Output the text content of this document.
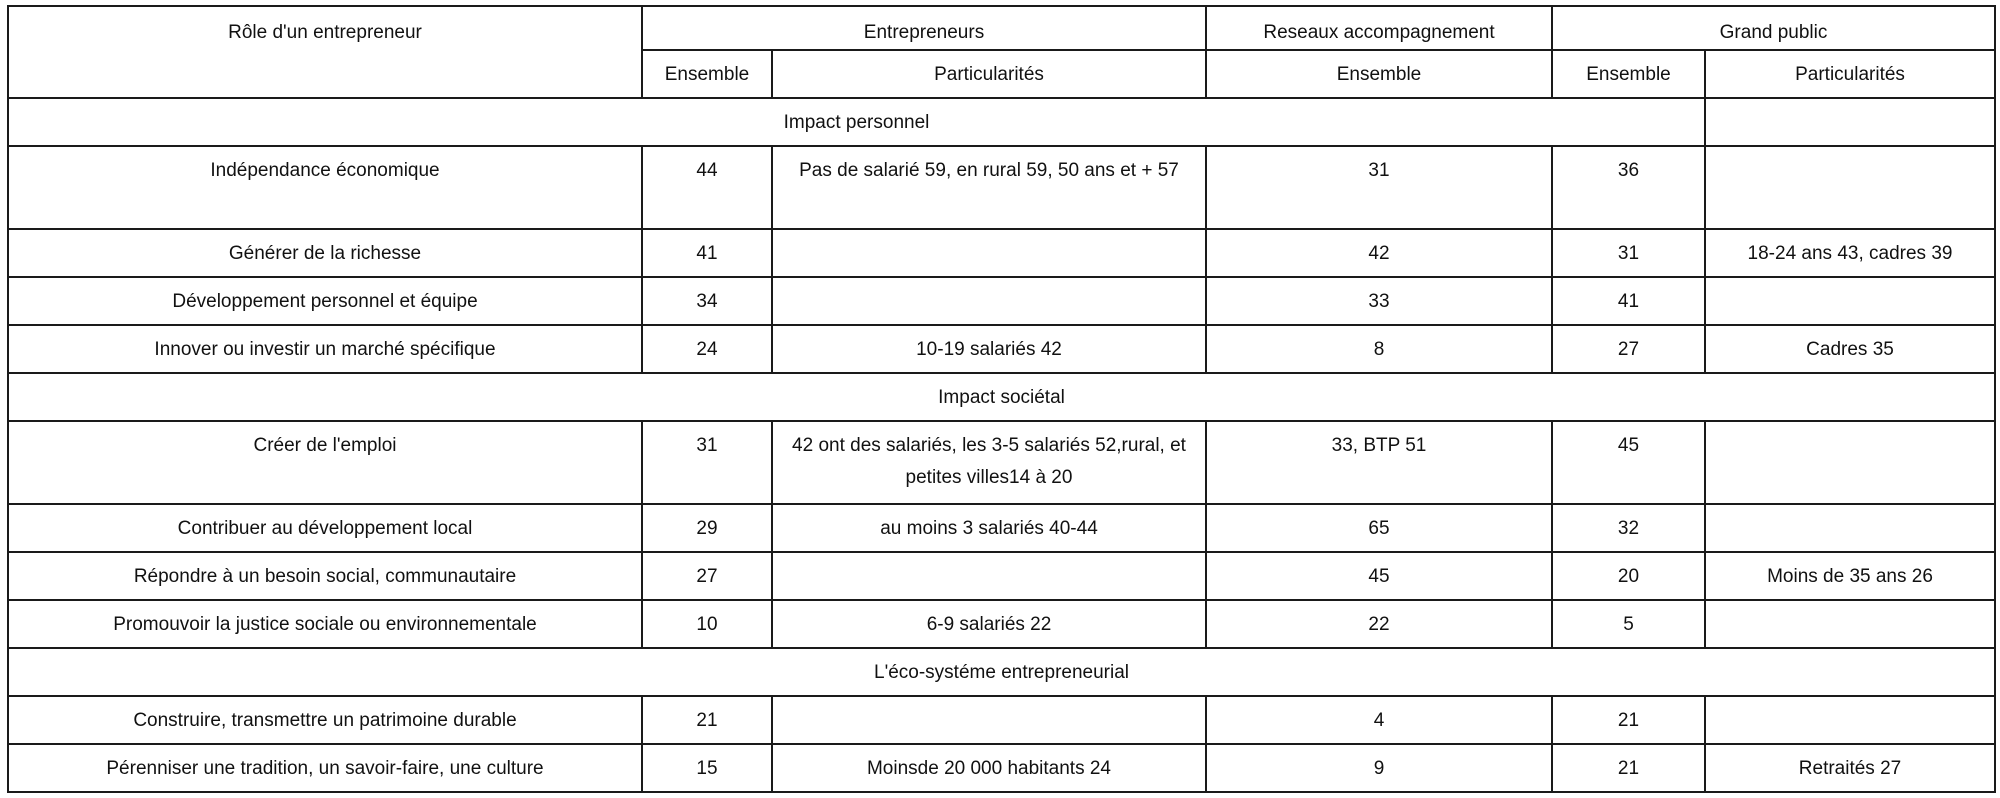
Rôle d'un entrepreneur	Entrepreneurs		Reseaux accompagnement	Grand public	
	Ensemble	Particularités	Ensemble	Ensemble	Particularités
Impact personnel					
Indépendance économique	44	Pas de salarié 59, en rural 59, 50 ans et + 57	31	36	
Générer de la richesse	41		42	31	18-24 ans 43, cadres 39
Développement personnel et équipe	34		33	41	
Innover ou investir un marché spécifique	24	10-19 salariés 42	8	27	Cadres 35
Impact sociétal					
Créer de l'emploi	31	42 ont des salariés, les 3-5 salariés 52,rural, et petites villes14 à 20	33, BTP 51	45	
Contribuer au développement local	29	au moins 3 salariés 40-44	65	32	
Répondre à un besoin social, communautaire	27		45	20	Moins de 35 ans 26
Promouvoir la justice sociale ou environnementale	10	6-9 salariés 22	22	5	
L'éco-systéme entrepreneurial					
Construire, transmettre un patrimoine durable	21		4	21	
Pérenniser une tradition, un savoir-faire, une culture	15	Moinsde 20 000 habitants 24	9	21	Retraités 27
